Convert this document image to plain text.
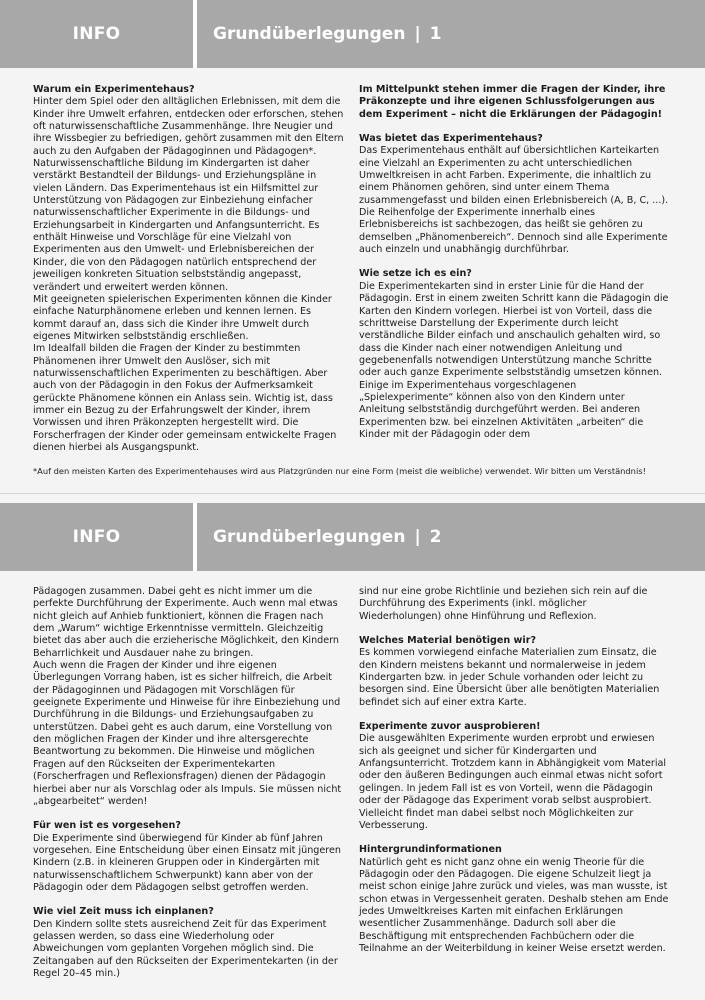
INFO	Grundüberlegungen | 1
Warum ein Experimentehaus?

Hinter dem Spiel oder den alltäglichen Erlebnissen, mit dem die Kinder ihre Umwelt erfahren, entdecken oder erforschen, stehen oft naturwissenschaftliche Zusammenhänge. Ihre Neugier und ihre Wissbegier zu befriedigen, gehört zusammen mit den Eltern auch zu den Aufgaben der Pädagoginnen und Pädagogen*. Naturwissenschaftliche Bildung im Kindergarten ist daher verstärkt Bestandteil der Bildungs- und Erziehungspläne in vielen Ländern. Das Experimentehaus ist ein Hilfsmittel zur Unterstützung von Pädagogen zur Einbeziehung einfacher naturwissenschaftlicher Experimente in die Bildungs- und Erziehungsarbeit in Kindergarten und Anfangsunterricht. Es enthält Hinweise und Vorschläge für eine Vielzahl von Experimenten aus den Umwelt- und Erlebnisbereichen der Kinder, die von den Pädagogen natürlich entsprechend der jeweiligen konkreten Situation selbstständig angepasst, verändert und erweitert werden können.

Mit geeigneten spielerischen Experimenten können die Kinder einfache Naturphänomene erleben und kennen lernen. Es kommt darauf an, dass sich die Kinder ihre Umwelt durch eigenes Mitwirken selbstständig erschließen.

Im Idealfall bilden die Fragen der Kinder zu bestimmten Phänomenen ihrer Umwelt den Auslöser, sich mit naturwissenschaftlichen Experimenten zu beschäftigen. Aber auch von der Pädagogin in den Fokus der Aufmerksamkeit gerückte Phänomene können ein Anlass sein. Wichtig ist, dass immer ein Bezug zu der Erfahrungswelt der Kinder, ihrem Vorwissen und ihren Präkonzepten hergestellt wird. Die Forscherfragen der Kinder oder gemeinsam entwickelte Fragen dienen hierbei als Ausgangspunkt.

Im Mittelpunkt stehen immer die Fragen der Kinder, ihre Präkonzepte und ihre eigenen Schlussfolgerungen aus dem Experiment – nicht die Erklärungen der Pädagogin!

Was bietet das Experimentehaus?

Das Experimentehaus enthält auf übersichtlichen Karteikarten eine Vielzahl an Experimenten zu acht unterschiedlichen Umweltkreisen in acht Farben. Experimente, die inhaltlich zu einem Phänomen gehören, sind unter einem Thema zusammengefasst und bilden einen Erlebnisbereich (A, B, C, ...). Die Reihenfolge der Experimente innerhalb eines Erlebnisbereichs ist sachbezogen, das heißt sie gehören zu demselben „Phänomenbereich“. Dennoch sind alle Experimente auch einzeln und unabhängig durchführbar.

Wie setze ich es ein?

Die Experimentekarten sind in erster Linie für die Hand der Pädagogin. Erst in einem zweiten Schritt kann die Pädagogin die Karten den Kindern vorlegen. Hierbei ist von Vorteil, dass die schrittweise Darstellung der Experimente durch leicht verständliche Bilder einfach und anschaulich gehalten wird, so dass die Kinder nach einer notwendigen Anleitung und gegebenenfalls notwendigen Unterstützung manche Schritte oder auch ganze Experimente selbstständig umsetzen können.

Einige im Experimentehaus vorgeschlagenen „Spielexperimente“ können also von den Kindern unter Anleitung selbstständig durchgeführt werden. Bei anderen Experimenten bzw. bei einzelnen Aktivitäten „arbeiten“ die Kinder mit der Pädagogin oder dem

*Auf den meisten Karten des Experimentehauses wird aus Platzgründen nur eine Form (meist die weibliche) verwendet. Wir bitten um Verständnis!
INFO	Grundüberlegungen | 2

Pädagogen zusammen. Dabei geht es nicht immer um die perfekte Durchführung der Experimente. Auch wenn mal etwas nicht gleich auf Anhieb funktioniert, können die Fragen nach dem „Warum“ wichtige Erkenntnisse vermitteln. Gleichzeitig bietet das aber auch die erzieherische Möglichkeit, den Kindern Beharrlichkeit und Ausdauer nahe zu bringen.

Auch wenn die Fragen der Kinder und ihre eigenen Überlegungen Vorrang haben, ist es sicher hilfreich, die Arbeit der Pädagoginnen und Pädagogen mit Vorschlägen für geeignete Experimente und Hinweise für ihre Einbeziehung und Durchführung in die Bildungs- und Erziehungsaufgaben zu unterstützen. Dabei geht es auch darum, eine Vorstellung von den möglichen Fragen der Kinder und ihre altersgerechte Beantwortung zu bekommen. Die Hinweise und möglichen Fragen auf den Rückseiten der Experimentekarten (Forscherfragen und Reflexionsfragen) dienen der Pädagogin hierbei aber nur als Vorschlag oder als Impuls. Sie müssen nicht „abgearbeitet“ werden!

Für wen ist es vorgesehen?

Die Experimente sind überwiegend für Kinder ab fünf Jahren vorgesehen. Eine Entscheidung über einen Einsatz mit jüngeren Kindern (z.B. in kleineren Gruppen oder in Kindergärten mit naturwissenschaftlichem Schwerpunkt) kann aber von der Pädagogin oder dem Pädagogen selbst getroffen werden.

Wie viel Zeit muss ich einplanen?

Den Kindern sollte stets ausreichend Zeit für das Experiment gelassen werden, so dass eine Wiederholung oder Abweichungen vom geplanten Vorgehen möglich sind. Die Zeitangaben auf den Rückseiten der Experimentekarten (in der Regel 20–45 min.)

sind nur eine grobe Richtlinie und beziehen sich rein auf die Durchführung des Experiments (inkl. möglicher Wiederholungen) ohne Hinführung und Reflexion.

Welches Material benötigen wir?

Es kommen vorwiegend einfache Materialien zum Einsatz, die den Kindern meistens bekannt und normalerweise in jedem Kindergarten bzw. in jeder Schule vorhanden oder leicht zu besorgen sind. Eine Übersicht über alle benötigten Materialien befindet sich auf einer extra Karte.

Experimente zuvor ausprobieren!

Die ausgewählten Experimente wurden erprobt und erwiesen sich als geeignet und sicher für Kindergarten und Anfangsunterricht. Trotzdem kann in Abhängigkeit vom Material oder den äußeren Bedingungen auch einmal etwas nicht sofort gelingen. In jedem Fall ist es von Vorteil, wenn die Pädagogin oder der Pädagoge das Experiment vorab selbst ausprobiert. Vielleicht findet man dabei selbst noch Möglichkeiten zur Verbesserung.

Hintergrundinformationen

Natürlich geht es nicht ganz ohne ein wenig Theorie für die Pädagogin oder den Pädagogen. Die eigene Schulzeit liegt ja meist schon einige Jahre zurück und vieles, was man wusste, ist schon etwas in Vergessenheit geraten. Deshalb stehen am Ende jedes Umweltkreises Karten mit einfachen Erklärungen wesentlicher Zusammenhänge. Dadurch soll aber die Beschäftigung mit entsprechenden Fachbüchern oder die Teilnahme an der Weiterbildung in keiner Weise ersetzt werden.
